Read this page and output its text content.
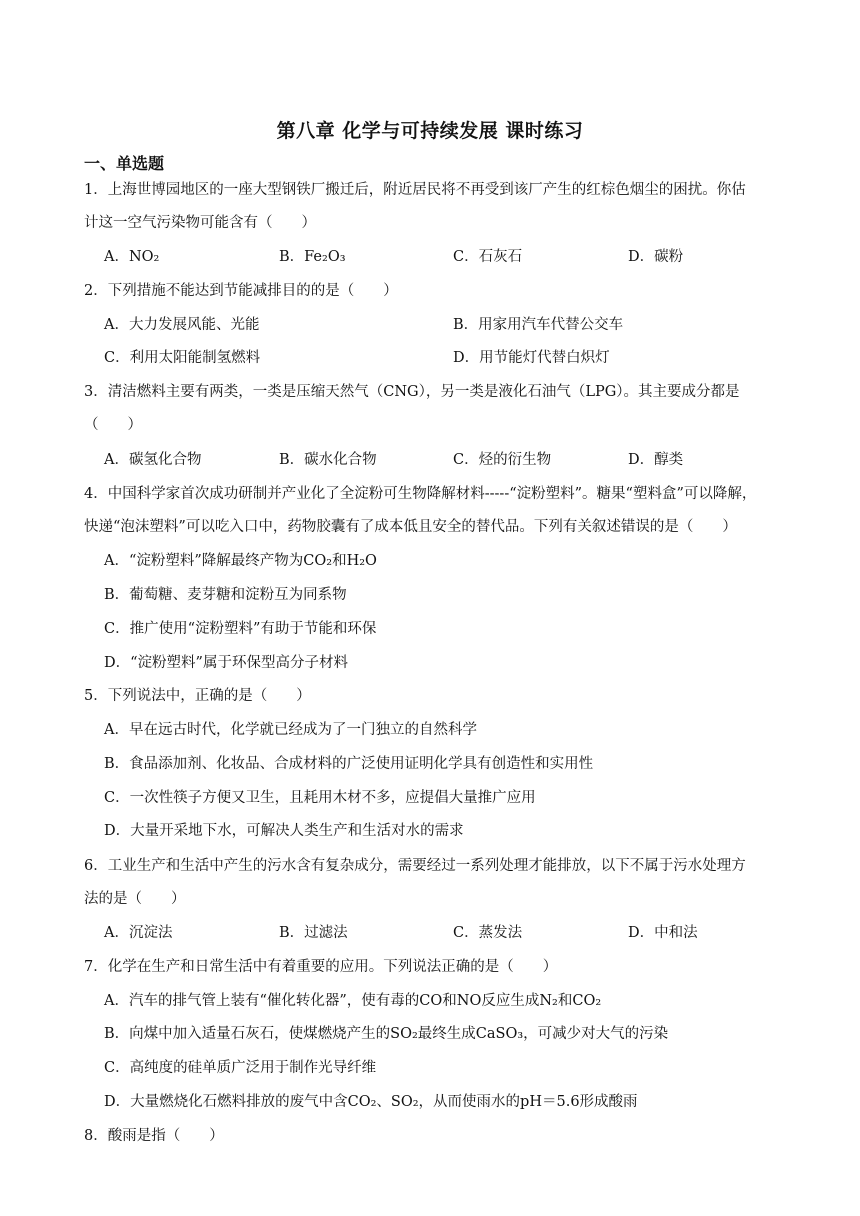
第八章 化学与可持续发展 课时练习
一、单选题
1．上海世博园地区的一座大型钢铁厂搬迁后，附近居民将不再受到该厂产生的红棕色烟尘的困扰。你估
计这一空气污染物可能含有（　　）
A．NO₂	B．Fe₂O₃	C．石灰石	D．碳粉
2．下列措施不能达到节能减排目的的是（　　）
A．大力发展风能、光能	B．用家用汽车代替公交车
C．利用太阳能制氢燃料	D．用节能灯代替白炽灯
3．清洁燃料主要有两类，一类是压缩天然气（CNG），另一类是液化石油气（LPG）。其主要成分都是
（　　）
A．碳氢化合物	B．碳水化合物	C．烃的衍生物	D．醇类
4．中国科学家首次成功研制并产业化了全淀粉可生物降解材料-----“淀粉塑料”。糖果“塑料盒”可以降解，
快递“泡沫塑料”可以吃入口中，药物胶囊有了成本低且安全的替代品。下列有关叙述错误的是（　　）
A．“淀粉塑料”降解最终产物为CO₂和H₂O
B．葡萄糖、麦芽糖和淀粉互为同系物
C．推广使用“淀粉塑料”有助于节能和环保
D．“淀粉塑料”属于环保型高分子材料
5．下列说法中，正确的是（　　）
A．早在远古时代，化学就已经成为了一门独立的自然科学
B．食品添加剂、化妆品、合成材料的广泛使用证明化学具有创造性和实用性
C．一次性筷子方便又卫生，且耗用木材不多，应提倡大量推广应用
D．大量开采地下水，可解决人类生产和生活对水的需求
6．工业生产和生活中产生的污水含有复杂成分，需要经过一系列处理才能排放，以下不属于污水处理方
法的是（　　）
A．沉淀法	B．过滤法	C．蒸发法	D．中和法
7．化学在生产和日常生活中有着重要的应用。下列说法正确的是（　　）
A．汽车的排气管上装有“催化转化器”，使有毒的CO和NO反应生成N₂和CO₂
B．向煤中加入适量石灰石，使煤燃烧产生的SO₂最终生成CaSO₃，可减少对大气的污染
C．高纯度的硅单质广泛用于制作光导纤维
D．大量燃烧化石燃料排放的废气中含CO₂、SO₂，从而使雨水的pH＝5.6形成酸雨
8．酸雨是指（　　）
